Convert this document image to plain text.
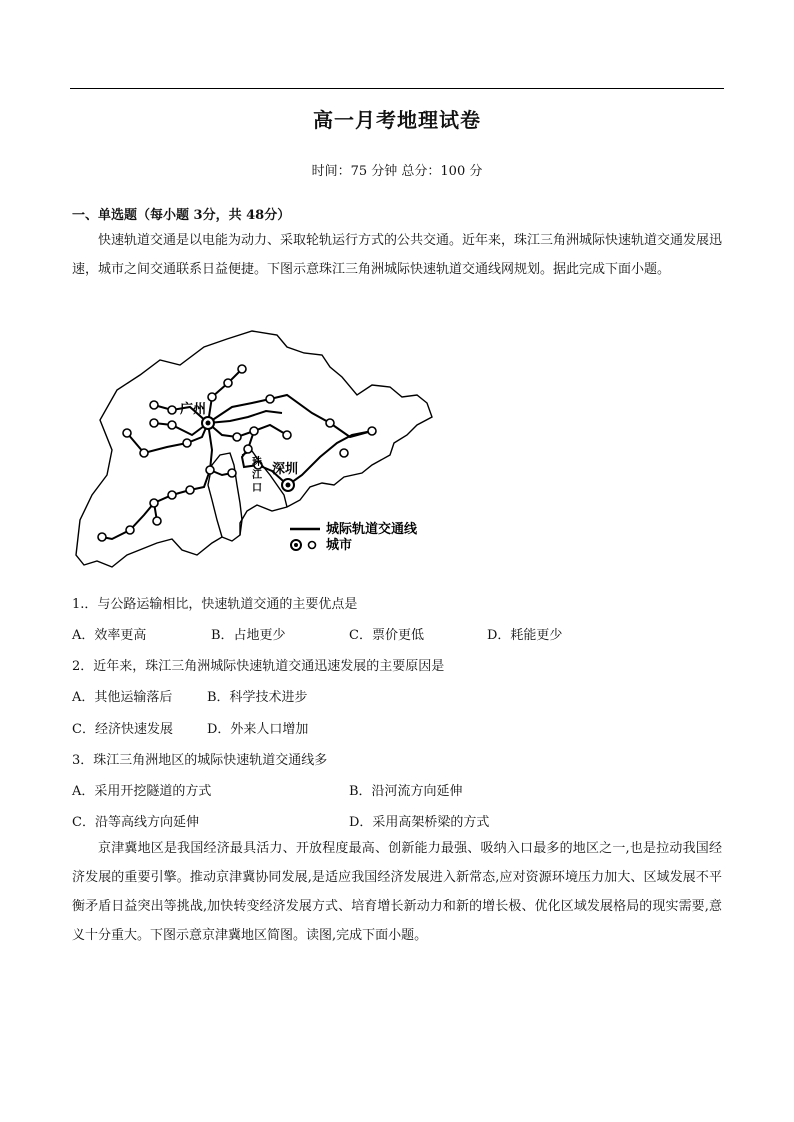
高一月考地理试卷
时间：75 分钟 总分：100 分
一、单选题（每小题 3分，共 48分）
快速轨道交通是以电能为动力、采取轮轨运行方式的公共交通。近年来，珠江三角洲城际快速轨道交通发展迅速，城市之间交通联系日益便捷。下图示意珠江三角洲城际快速轨道交通线网规划。据此完成下面小题。
广州
深圳
珠
江
口
城际轨道交通线
城市
1.．与公路运输相比，快速轨道交通的主要优点是
A．效率更高	B．占地更少	C．票价更低	D．耗能更少
2．近年来，珠江三角洲城际快速轨道交通迅速发展的主要原因是
A．其他运输落后	B．科学技术进步
C．经济快速发展	D．外来人口增加
3．珠江三角洲地区的城际快速轨道交通线多
A．采用开挖隧道的方式	B．沿河流方向延伸
C．沿等高线方向延伸	D．采用高架桥梁的方式
京津冀地区是我国经济最具活力、开放程度最高、创新能力最强、吸纳入口最多的地区之一,也是拉动我国经济发展的重要引擎。推动京津冀协同发展,是适应我国经济发展进入新常态,应对资源环境压力加大、区域发展不平衡矛盾日益突出等挑战,加快转变经济发展方式、培育增长新动力和新的增长极、优化区域发展格局的现实需要,意义十分重大。下图示意京津冀地区简图。读图,完成下面小题。
